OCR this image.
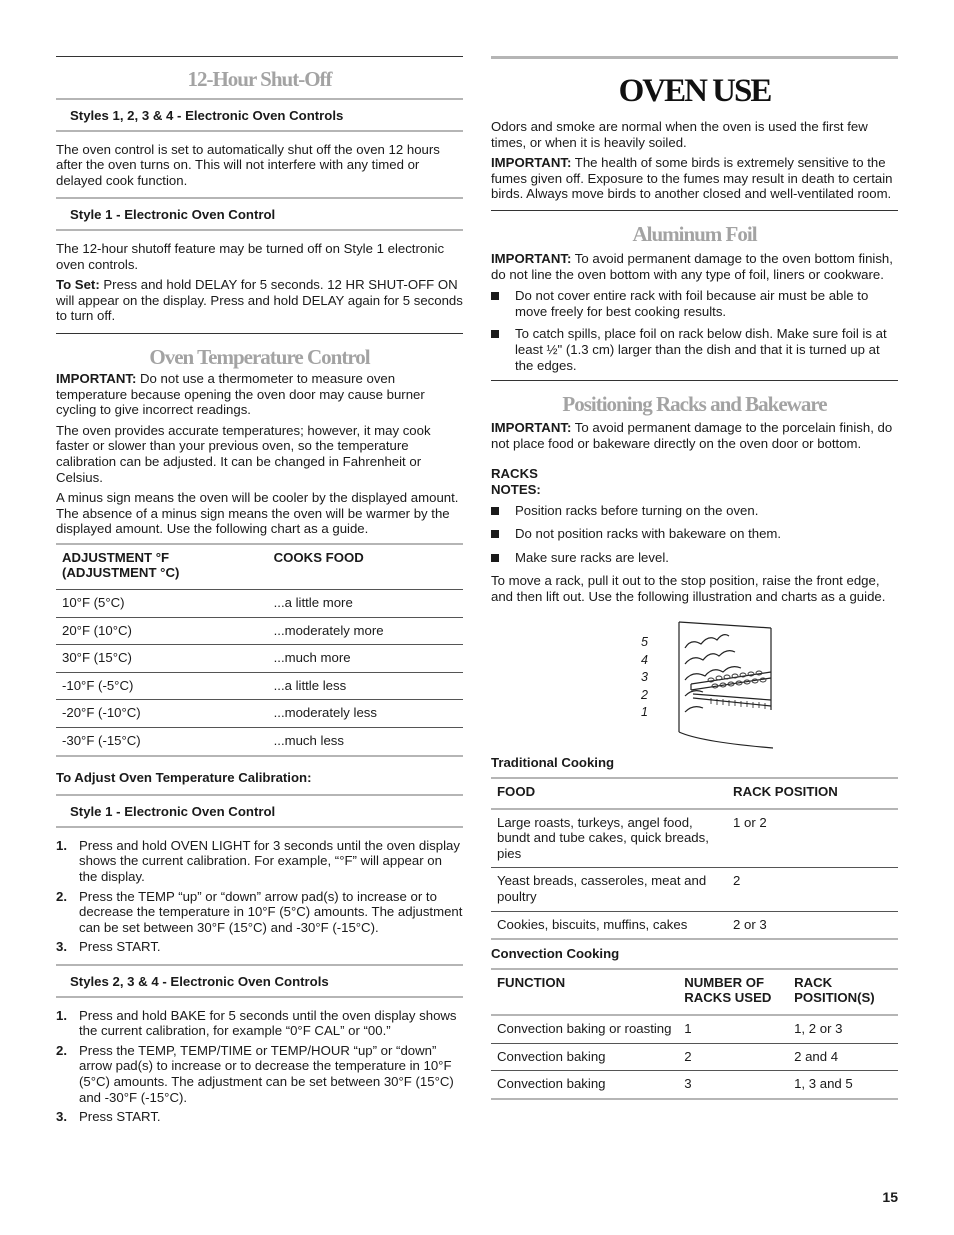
12-Hour Shut-Off
Styles 1, 2, 3 & 4 - Electronic Oven Controls

The oven control is set to automatically shut off the oven 12 hours after the oven turns on. This will not interfere with any timed or delayed cook function.

Style 1 - Electronic Oven Control

The 12-hour shutoff feature may be turned off on Style 1 electronic oven controls.

To Set: Press and hold DELAY for 5 seconds. 12 HR SHUT-OFF ON will appear on the display. Press and hold DELAY again for 5 seconds to turn off.

Oven Temperature Control

IMPORTANT: Do not use a thermometer to measure oven temperature because opening the oven door may cause burner cycling to give incorrect readings.

The oven provides accurate temperatures; however, it may cook faster or slower than your previous oven, so the temperature calibration can be adjusted. It can be changed in Fahrenheit or Celsius.

A minus sign means the oven will be cooler by the displayed amount. The absence of a minus sign means the oven will be warmer by the displayed amount. Use the following chart as a guide.

ADJUSTMENT °F (ADJUSTMENT °C)	COOKS FOOD
10°F (5°C)	...a little more
20°F (10°C)	...moderately more
30°F (15°C)	...much more
-10°F (-5°C)	...a little less
-20°F (-10°C)	...moderately less
-30°F (-15°C)	...much less
To Adjust Oven Temperature Calibration:
Style 1 - Electronic Oven Control
1. Press and hold OVEN LIGHT for 3 seconds until the oven display shows the current calibration. For example, “°F” will appear on the display.
2. Press the TEMP “up” or “down” arrow pad(s) to increase or to decrease the temperature in 10°F (5°C) amounts. The adjustment can be set between 30°F (15°C) and -30°F (-15°C).
3. Press START.
Styles 2, 3 & 4 - Electronic Oven Controls
1. Press and hold BAKE for 5 seconds until the oven display shows the current calibration, for example “0°F CAL” or “00.”
2. Press the TEMP, TEMP/TIME or TEMP/HOUR “up” or “down” arrow pad(s) to increase or to decrease the temperature in 10°F (5°C) amounts. The adjustment can be set between 30°F (15°C) and -30°F (-15°C).
3. Press START.
OVEN USE

Odors and smoke are normal when the oven is used the first few times, or when it is heavily soiled.

IMPORTANT: The health of some birds is extremely sensitive to the fumes given off. Exposure to the fumes may result in death to certain birds. Always move birds to another closed and well-ventilated room.

Aluminum Foil

IMPORTANT: To avoid permanent damage to the oven bottom finish, do not line the oven bottom with any type of foil, liners or cookware.

Do not cover entire rack with foil because air must be able to move freely for best cooking results.
To catch spills, place foil on rack below dish. Make sure foil is at least ½" (1.3 cm) larger than the dish and that it is turned up at the edges.
Positioning Racks and Bakeware

IMPORTANT: To avoid permanent damage to the porcelain finish, do not place food or bakeware directly on the oven door or bottom.

RACKS
NOTES:
Position racks before turning on the oven.
Do not position racks with bakeware on them.
Make sure racks are level.

To move a rack, pull it out to the stop position, raise the front edge, and then lift out. Use the following illustration and charts as a guide.

5
4
3
2
1
Traditional Cooking
FOOD	RACK POSITION
Large roasts, turkeys, angel food, bundt and tube cakes, quick breads, pies	1 or 2
Yeast breads, casseroles, meat and poultry	2
Cookies, biscuits, muffins, cakes	2 or 3
Convection Cooking
FUNCTION	NUMBER OF RACKS USED	RACK POSITION(S)
Convection baking or roasting	1	1, 2 or 3
Convection baking	2	2 and 4
Convection baking	3	1, 3 and 5
15
